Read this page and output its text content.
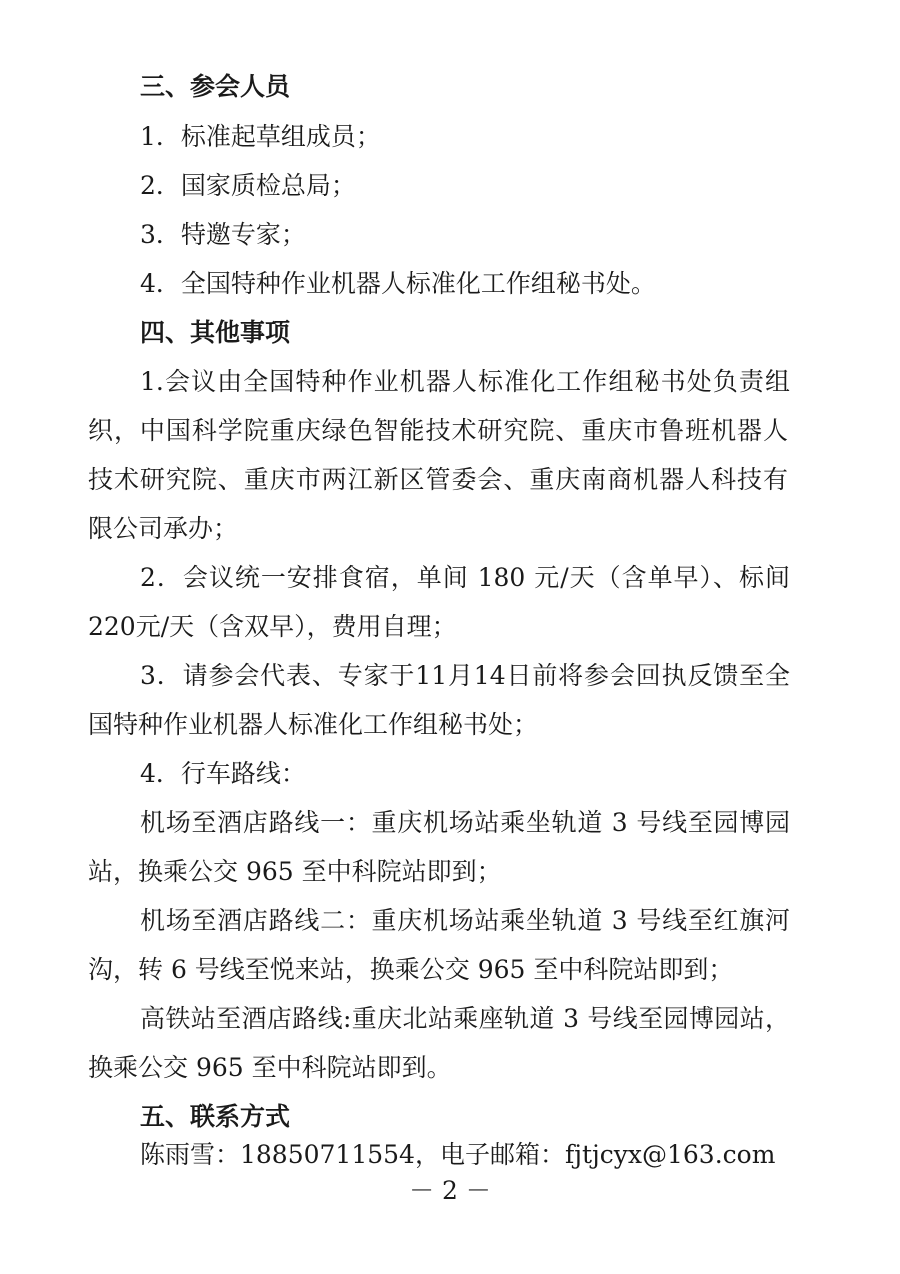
三、参会人员
1．标准起草组成员；
2．国家质检总局；
3．特邀专家；
4．全国特种作业机器人标准化工作组秘书处。
四、其他事项
1.会议由全国特种作业机器人标准化工作组秘书处负责组
织，中国科学院重庆绿色智能技术研究院、重庆市鲁班机器人
技术研究院、重庆市两江新区管委会、重庆南商机器人科技有
限公司承办；
2．会议统一安排食宿，单间 180 元/天（含单早）、标间
220元/天（含双早），费用自理；
3．请参会代表、专家于11月14日前将参会回执反馈至全
国特种作业机器人标准化工作组秘书处；
4．行车路线：
机场至酒店路线一：重庆机场站乘坐轨道 3 号线至园博园
站，换乘公交 965 至中科院站即到；
机场至酒店路线二：重庆机场站乘坐轨道 3 号线至红旗河
沟，转 6 号线至悦来站，换乘公交 965 至中科院站即到；
高铁站至酒店路线:重庆北站乘座轨道 3 号线至园博园站，
换乘公交 965 至中科院站即到。
五、联系方式
陈雨雪：18850711554，电子邮箱：fjtjcyx@163.com
－ 2 －
